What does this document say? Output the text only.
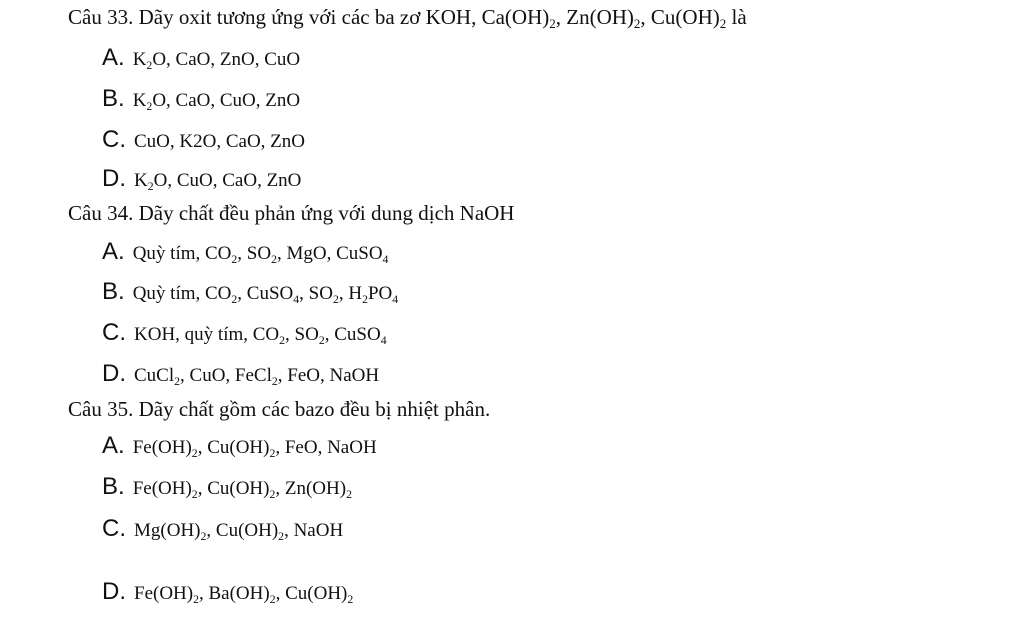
Câu 33. Dãy oxit tương ứng với các ba zơ KOH, $Ca(OH)_2$, $Zn(OH)_2$, $Cu(OH)_2$ là
A. $K_2O$, CaO, ZnO, CuO
B. $K_2O$, CaO, CuO, ZnO
C. CuO, K2O, CaO, ZnO
D. $K_2O$, CuO, CaO, ZnO
Câu 34. Dãy chất đều phản ứng với dung dịch NaOH
A. Quỳ tím, $CO_2$, $SO_2$, MgO, CuSO$_4$
B. Quỳ tím, $CO_2$, CuSO$_4$, $SO_2$, $H_2PO_4$
C. KOH, quỳ tím, $CO_2$, $SO_2$, CuSO$_4$
D. CuCl$_2$, CuO, FeCl$_2$, FeO, NaOH
Câu 35. Dãy chất gồm các bazo đều bị nhiệt phân.
A. $Fe(OH)_2$, $Cu(OH)_2$, FeO, NaOH
B. $Fe(OH)_2$, $Cu(OH)_2$, $Zn(OH)_2$
C. $Mg(OH)_2$, $Cu(OH)_2$, NaOH
D. $Fe(OH)_2$, $Ba(OH)_2$, $Cu(OH)_2$
